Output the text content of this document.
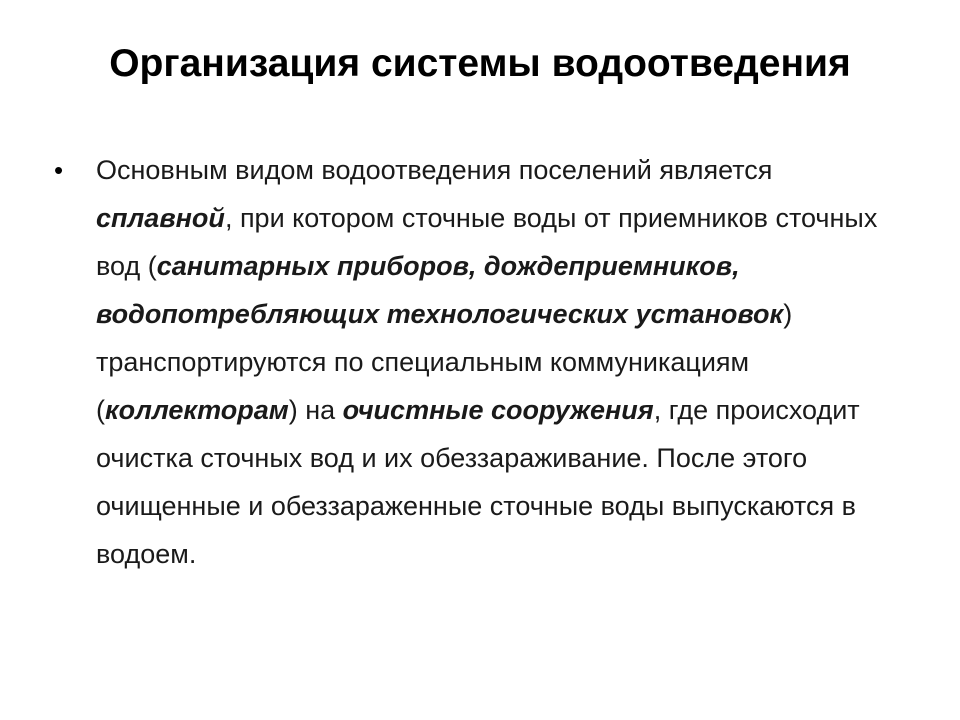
Организация системы водоотведения
• Основным видом водоотведения поселений является сплавной, при котором сточные воды от приемников сточных вод (санитарных приборов, дождеприемников, водопотребляющих технологических установок) транспортируются по специальным коммуникациям (коллекторам) на очистные сооружения, где происходит очистка сточных вод и их обеззараживание. После этого очищенные и обеззараженные сточные воды выпускаются в водоем.
